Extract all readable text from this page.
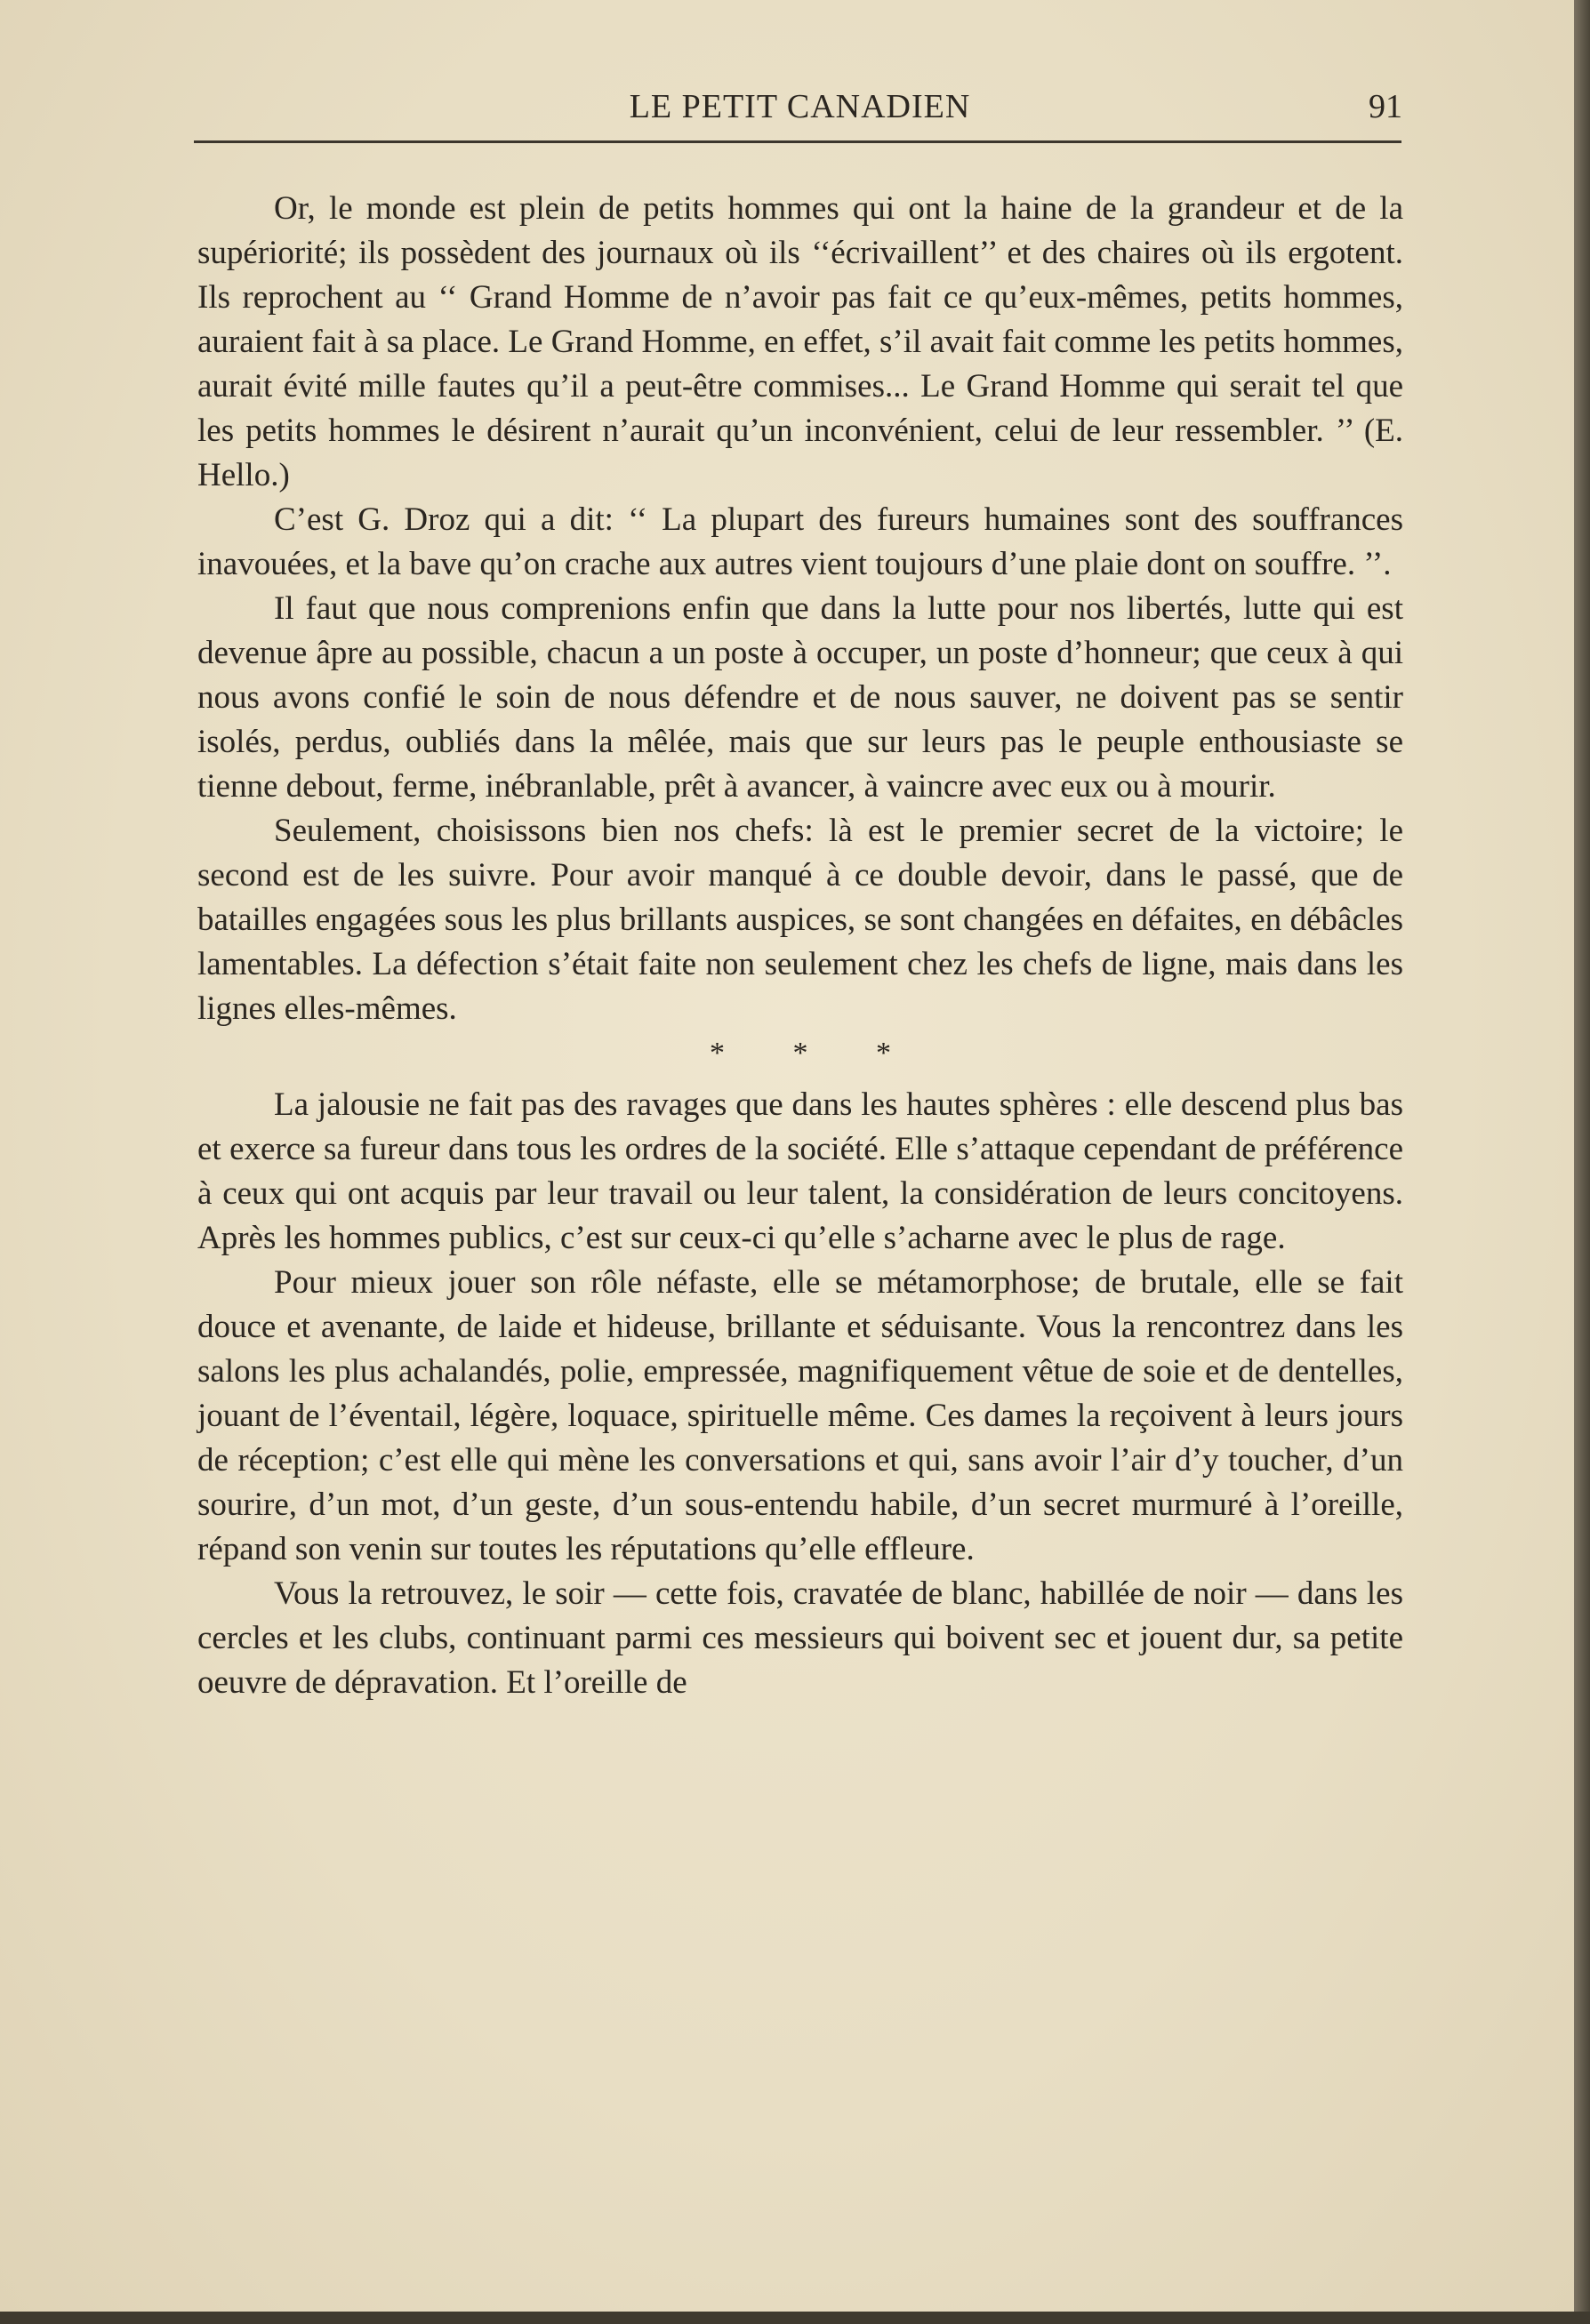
LE PETIT CANADIEN	91

Or, le monde est plein de petits hommes qui ont la haine de la grandeur et de la supériorité; ils possèdent des journaux où ils ‘‘écrivaillent’’ et des chaires où ils ergotent. Ils reprochent au ‘‘ Grand Homme de n’avoir pas fait ce qu’eux-mêmes, petits hommes, auraient fait à sa place. Le Grand Homme, en effet, s’il avait fait comme les petits hommes, aurait évité mille fautes qu’il a peut-être commises... Le Grand Homme qui serait tel que les petits hommes le désirent n’aurait qu’un inconvénient, celui de leur ressembler. ’’ (E. Hello.)

C’est G. Droz qui a dit: ‘‘ La plupart des fureurs humaines sont des souffrances inavouées, et la bave qu’on crache aux autres vient toujours d’une plaie dont on souffre. ’’.

Il faut que nous comprenions enfin que dans la lutte pour nos libertés, lutte qui est devenue âpre au possible, chacun a un poste à occuper, un poste d’honneur; que ceux à qui nous avons confié le soin de nous défendre et de nous sauver, ne doivent pas se sentir isolés, perdus, oubliés dans la mêlée, mais que sur leurs pas le peuple enthousiaste se tienne debout, ferme, inébranlable, prêt à avancer, à vaincre avec eux ou à mourir.

Seulement, choisissons bien nos chefs: là est le premier secret de la victoire; le second est de les suivre. Pour avoir manqué à ce double devoir, dans le passé, que de batailles engagées sous les plus brillants auspices, se sont changées en défaites, en débâcles lamentables. La défection s’était faite non seulement chez les chefs de ligne, mais dans les lignes elles-mêmes.

* * *

La jalousie ne fait pas des ravages que dans les hautes sphères : elle descend plus bas et exerce sa fureur dans tous les ordres de la société. Elle s’attaque cependant de préférence à ceux qui ont acquis par leur travail ou leur talent, la considération de leurs concitoyens. Après les hommes publics, c’est sur ceux-ci qu’elle s’acharne avec le plus de rage.

Pour mieux jouer son rôle néfaste, elle se métamorphose; de brutale, elle se fait douce et avenante, de laide et hideuse, brillante et séduisante. Vous la rencontrez dans les salons les plus achalandés, polie, empressée, magnifiquement vêtue de soie et de dentelles, jouant de l’éventail, légère, loquace, spirituelle même. Ces dames la reçoivent à leurs jours de réception; c’est elle qui mène les conversations et qui, sans avoir l’air d’y toucher, d’un sourire, d’un mot, d’un geste, d’un sous-entendu habile, d’un secret murmuré à l’oreille, répand son venin sur toutes les réputations qu’elle effleure.

Vous la retrouvez, le soir — cette fois, cravatée de blanc, habillée de noir — dans les cercles et les clubs, continuant parmi ces messieurs qui boivent sec et jouent dur, sa petite oeuvre de dépravation. Et l’oreille de
